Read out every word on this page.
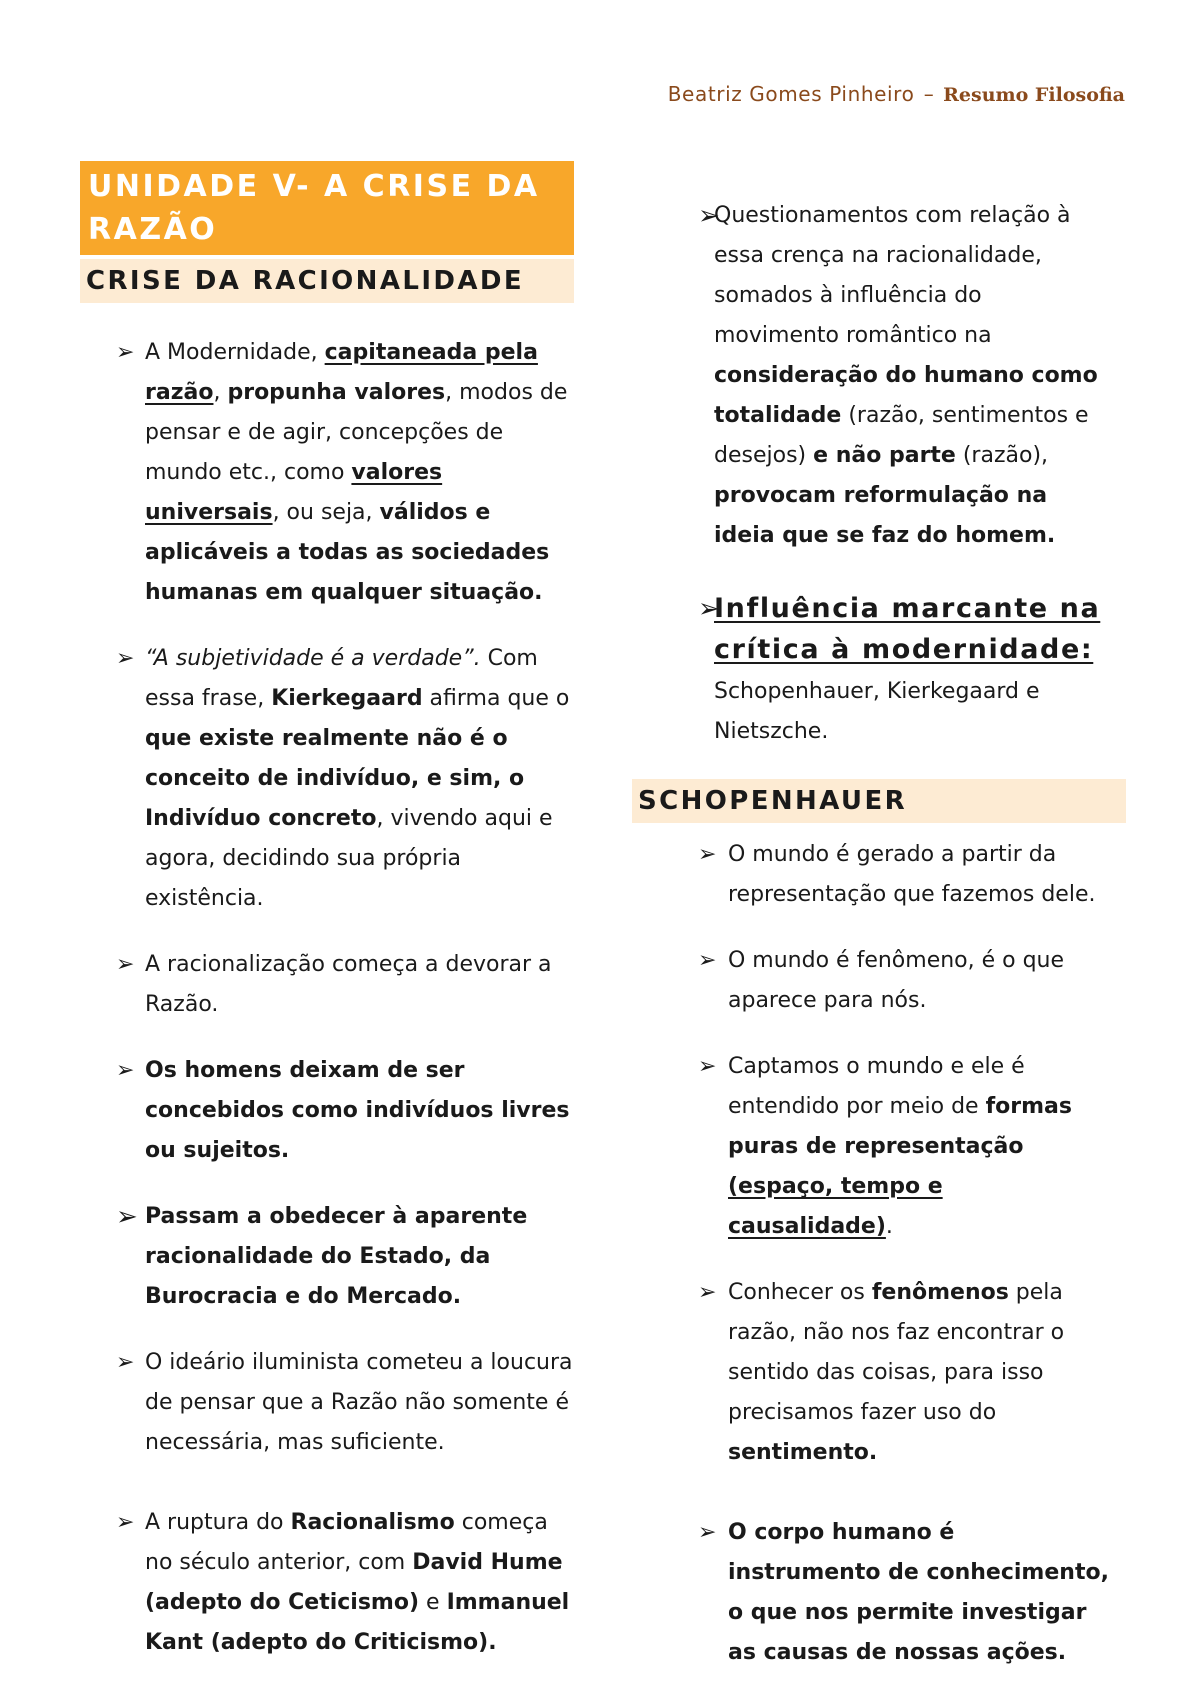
Beatriz Gomes Pinheiro – Resumo Filosofia
UNIDADE V- A CRISE DA RAZÃO
CRISE DA RACIONALIDADE
➢ A Modernidade, capitaneada pela razão, propunha valores, modos de pensar e de agir, concepções de mundo etc., como valores universais, ou seja, válidos e aplicáveis a todas as sociedades humanas em qualquer situação.
➢ “A subjetividade é a verdade”. Com essa frase, Kierkegaard afirma que o que existe realmente não é o conceito de indivíduo, e sim, o Indivíduo concreto, vivendo aqui e agora, decidindo sua própria existência.
➢ A racionalização começa a devorar a Razão.
➢ Os homens deixam de ser concebidos como indivíduos livres ou sujeitos.
➢ Passam a obedecer à aparente racionalidade do Estado, da Burocracia e do Mercado.
➢ O ideário iluminista cometeu a loucura de pensar que a Razão não somente é necessária, mas suficiente.
➢ A ruptura do Racionalismo começa no século anterior, com David Hume (adepto do Ceticismo) e Immanuel Kant (adepto do Criticismo).
➢
Questionamentos com relação à essa crença na racionalidade, somados à influência do movimento romântico na consideração do humano como totalidade (razão, sentimentos e desejos) e não parte (razão), provocam reformulação na ideia que se faz do homem.
➢
Influência marcante na crítica à modernidade:
Schopenhauer, Kierkegaard e Nietszche.
SCHOPENHAUER
➢ O mundo é gerado a partir da representação que fazemos dele.
➢ O mundo é fenômeno, é o que aparece para nós.
➢ Captamos o mundo e ele é entendido por meio de formas puras de representação (espaço, tempo e causalidade).
➢ Conhecer os fenômenos pela razão, não nos faz encontrar o sentido das coisas, para isso precisamos fazer uso do sentimento.
➢ O corpo humano é instrumento de conhecimento, o que nos permite investigar as causas de nossas ações.
